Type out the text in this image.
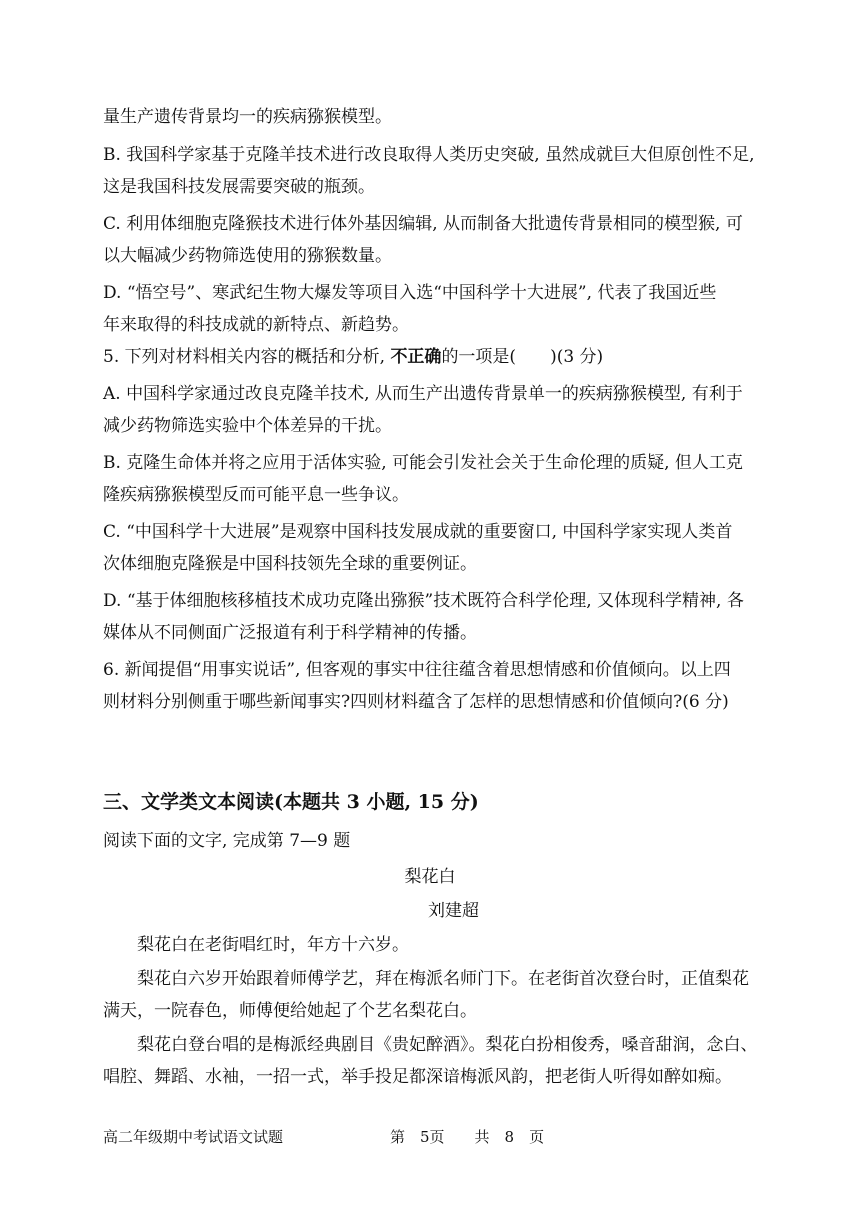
量生产遗传背景均一的疾病猕猴模型。
B. 我国科学家基于克隆羊技术进行改良取得人类历史突破, 虽然成就巨大但原创性不足,
这是我国科技发展需要突破的瓶颈。
C. 利用体细胞克隆猴技术进行体外基因编辑, 从而制备大批遗传背景相同的模型猴, 可
以大幅减少药物筛选使用的猕猴数量。
D. “悟空号”、寒武纪生物大爆发等项目入选“中国科学十大进展”, 代表了我国近些
年来取得的科技成就的新特点、新趋势。
5. 下列对材料相关内容的概括和分析, 不正确的一项是(　　)(3 分)
A. 中国科学家通过改良克隆羊技术, 从而生产出遗传背景单一的疾病猕猴模型, 有利于
减少药物筛选实验中个体差异的干扰。
B. 克隆生命体并将之应用于活体实验, 可能会引发社会关于生命伦理的质疑, 但人工克
隆疾病猕猴模型反而可能平息一些争议。
C. “中国科学十大进展”是观察中国科技发展成就的重要窗口, 中国科学家实现人类首
次体细胞克隆猴是中国科技领先全球的重要例证。
D. “基于体细胞核移植技术成功克隆出猕猴”技术既符合科学伦理, 又体现科学精神, 各
媒体从不同侧面广泛报道有利于科学精神的传播。
6. 新闻提倡“用事实说话”, 但客观的事实中往往蕴含着思想情感和价值倾向。以上四
则材料分别侧重于哪些新闻事实?四则材料蕴含了怎样的思想情感和价值倾向?(6 分)
三、文学类文本阅读(本题共 3 小题, 15 分)
阅读下面的文字, 完成第 7—9 题
梨花白
刘建超
梨花白在老街唱红时，年方十六岁。
梨花白六岁开始跟着师傅学艺，拜在梅派名师门下。在老街首次登台时，正值梨花
满天，一院春色，师傅便给她起了个艺名梨花白。
梨花白登台唱的是梅派经典剧目《贵妃醉酒》。梨花白扮相俊秀，嗓音甜润，念白、
唱腔、舞蹈、水袖，一招一式，举手投足都深谙梅派风韵，把老街人听得如醉如痴。
高二年级期中考试语文试题	第　5页　　共　8　页
